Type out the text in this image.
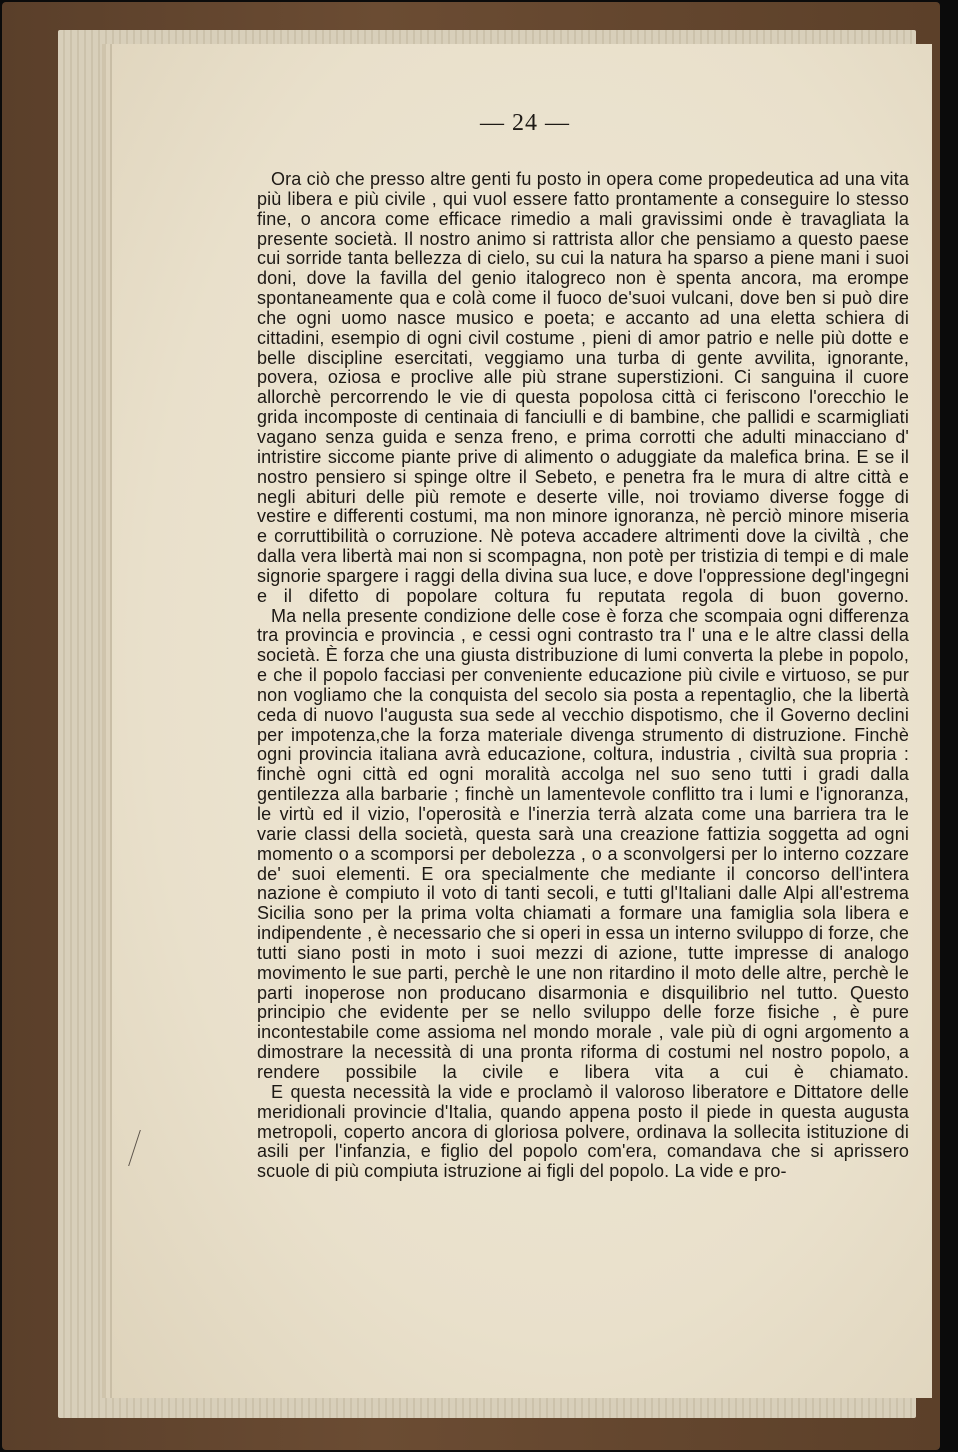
— 24 —

Ora ciò che presso altre genti fu posto in opera come propedeutica ad una vita più libera e più civile , qui vuol essere fatto prontamente a conseguire lo stesso fine, o ancora come efficace rimedio a mali gravissimi onde è travagliata la presente società. Il nostro animo si rattrista allor che pensiamo a questo paese cui sorride tanta bellezza di cielo, su cui la natura ha sparso a piene mani i suoi doni, dove la favilla del genio italogreco non è spenta ancora, ma erompe spontaneamente qua e colà come il fuoco de'suoi vulcani, dove ben si può dire che ogni uomo nasce musico e poeta; e accanto ad una eletta schiera di cittadini, esempio di ogni civil costume , pieni di amor patrio e nelle più dotte e belle discipline esercitati, veggiamo una turba di gente avvilita, ignorante, povera, oziosa e proclive alle più strane superstizioni. Ci sanguina il cuore allorchè percorrendo le vie di questa popolosa città ci feriscono l'orecchio le grida incomposte di centinaia di fanciulli e di bambine, che pallidi e scarmigliati vagano senza guida e senza freno, e prima corrotti che adulti minacciano d' intristire siccome piante prive di alimento o aduggiate da malefica brina. E se il nostro pensiero si spinge oltre il Sebeto, e penetra fra le mura di altre città e negli abituri delle più remote e deserte ville, noi troviamo diverse fogge di vestire e differenti costumi, ma non minore ignoranza, nè perciò minore miseria e corruttibilità o corruzione. Nè poteva accadere altrimenti dove la civiltà , che dalla vera libertà mai non si scompagna, non potè per tristizia di tempi e di male signorie spargere i raggi della divina sua luce, e dove l'oppressione degl'ingegni e il difetto di popolare coltura fu reputata regola di buon governo.

Ma nella presente condizione delle cose è forza che scompaia ogni differenza tra provincia e provincia , e cessi ogni contrasto tra l' una e le altre classi della società. È forza che una giusta distribuzione di lumi converta la plebe in popolo, e che il popolo facciasi per conveniente educazione più civile e virtuoso, se pur non vogliamo che la conquista del secolo sia posta a repentaglio, che la libertà ceda di nuovo l'augusta sua sede al vecchio dispotismo, che il Governo declini per impotenza,che la forza materiale divenga strumento di distruzione. Finchè ogni provincia italiana avrà educazione, coltura, industria , civiltà sua propria : finchè ogni città ed ogni moralità accolga nel suo seno tutti i gradi dalla gentilezza alla barbarie ; finchè un lamentevole conflitto tra i lumi e l'ignoranza, le virtù ed il vizio, l'operosità e l'inerzia terrà alzata come una barriera tra le varie classi della società, questa sarà una creazione fattizia soggetta ad ogni momento o a scomporsi per debolezza , o a sconvolgersi per lo interno cozzare de' suoi elementi. E ora specialmente che mediante il concorso dell'intera nazione è compiuto il voto di tanti secoli, e tutti gl'Italiani dalle Alpi all'estrema Sicilia sono per la prima volta chiamati a formare una famiglia sola libera e indipendente , è necessario che si operi in essa un interno sviluppo di forze, che tutti siano posti in moto i suoi mezzi di azione, tutte impresse di analogo movimento le sue parti, perchè le une non ritardino il moto delle altre, perchè le parti inoperose non producano disarmonia e disquilibrio nel tutto. Questo principio che evidente per se nello sviluppo delle forze fisiche , è pure incontestabile come assioma nel mondo morale , vale più di ogni argomento a dimostrare la necessità di una pronta riforma di costumi nel nostro popolo, a rendere possibile la civile e libera vita a cui è chiamato.

E questa necessità la vide e proclamò il valoroso liberatore e Dittatore delle meridionali provincie d'Italia, quando appena posto il piede in questa augusta metropoli, coperto ancora di gloriosa polvere, ordinava la sollecita istituzione di asili per l'infanzia, e figlio del popolo com'era, comandava che si aprissero scuole di più compiuta istruzione ai figli del popolo. La vide e pro-
